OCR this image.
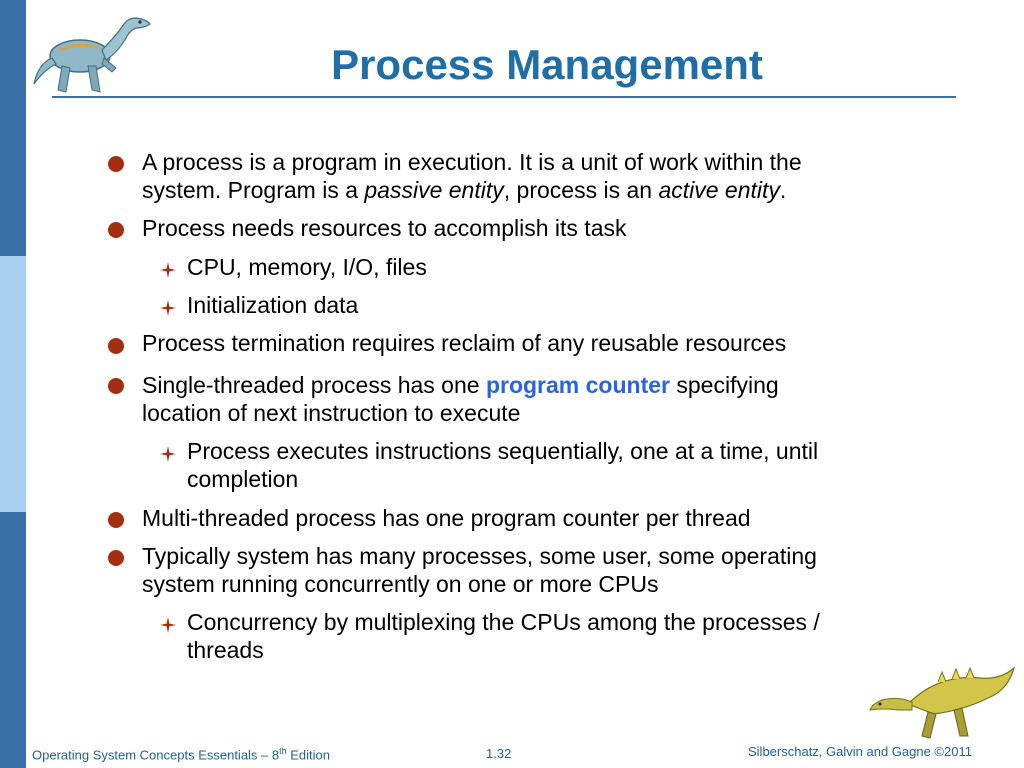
Process Management
A process is a program in execution. It is a unit of work within the
system. Program is a passive entity, process is an active entity.
Process needs resources to accomplish its task
CPU, memory, I/O, files
Initialization data
Process termination requires reclaim of any reusable resources
Single-threaded process has one program counter specifying
location of next instruction to execute
Process executes instructions sequentially, one at a time, until
completion
Multi-threaded process has one program counter per thread
Typically system has many processes, some user, some operating
system running concurrently on one or more CPUs
Concurrency by multiplexing the CPUs among the processes /
threads
Operating System Concepts Essentials – 8th Edition	1.32	Silberschatz, Galvin and Gagne ©2011
